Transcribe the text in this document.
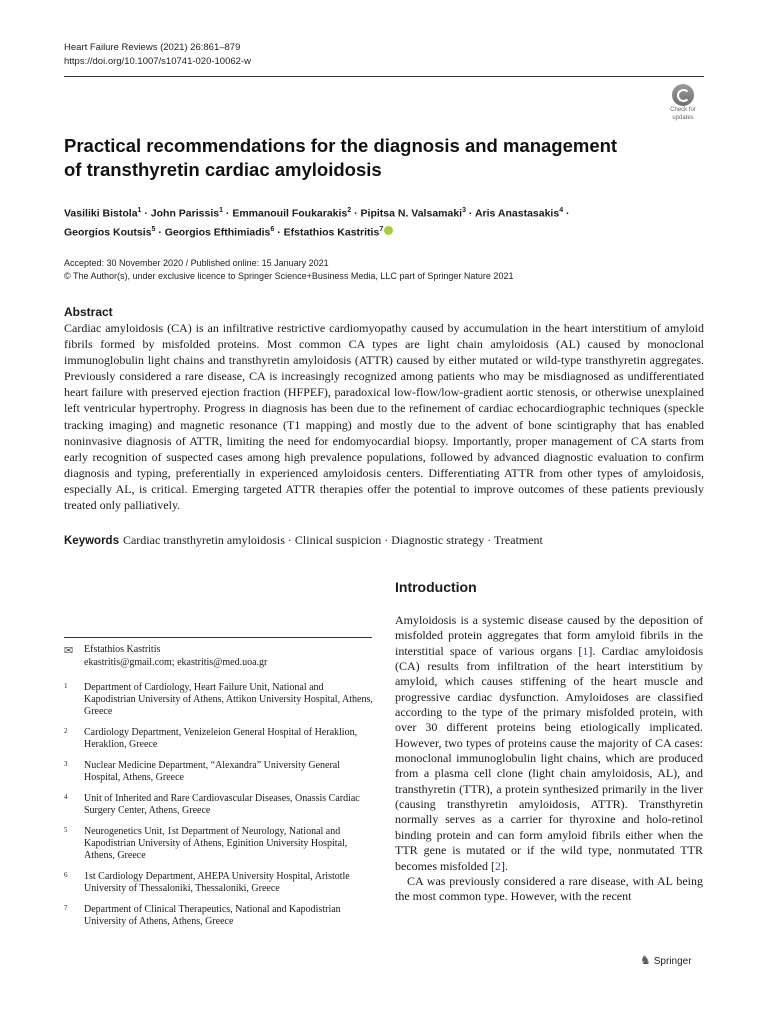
Heart Failure Reviews (2021) 26:861–879
https://doi.org/10.1007/s10741-020-10062-w
Check for
updates
Practical recommendations for the diagnosis and management of transthyretin cardiac amyloidosis
Vasiliki Bistola$^1$ · John Parissis$^1$ · Emmanouil Foukarakis$^2$ · Pipitsa N. Valsamaki$^3$ · Aris Anastasakis$^4$ ·
Georgios Koutsis$^5$ · Georgios Efthimiadis$^6$ · Efstathios Kastritis$^7$
Accepted: 30 November 2020 / Published online: 15 January 2021
© The Author(s), under exclusive licence to Springer Science+Business Media, LLC part of Springer Nature 2021
Abstract
Cardiac amyloidosis (CA) is an infiltrative restrictive cardiomyopathy caused by accumulation in the heart interstitium of amyloid fibrils formed by misfolded proteins. Most common CA types are light chain amyloidosis (AL) caused by monoclonal immunoglobulin light chains and transthyretin amyloidosis (ATTR) caused by either mutated or wild-type transthyretin aggregates. Previously considered a rare disease, CA is increasingly recognized among patients who may be misdiagnosed as undifferentiated heart failure with preserved ejection fraction (HFPEF), paradoxical low-flow/low-gradient aortic stenosis, or otherwise unexplained left ventricular hypertrophy. Progress in diagnosis has been due to the refinement of cardiac echocardiographic techniques (speckle tracking imaging) and magnetic resonance (T1 mapping) and mostly due to the advent of bone scintigraphy that has enabled noninvasive diagnosis of ATTR, limiting the need for endomyocardial biopsy. Importantly, proper management of CA starts from early recognition of suspected cases among high prevalence populations, followed by advanced diagnostic evaluation to confirm diagnosis and typing, preferentially in experienced amyloidosis centers. Differentiating ATTR from other types of amyloidosis, especially AL, is critical. Emerging targeted ATTR therapies offer the potential to improve outcomes of these patients previously treated only palliatively.
Keywords Cardiac transthyretin amyloidosis · Clinical suspicion · Diagnostic strategy · Treatment
Introduction

Amyloidosis is a systemic disease caused by the deposition of misfolded protein aggregates that form amyloid fibrils in the interstitial space of various organs [1]. Cardiac amyloidosis (CA) results from infiltration of the heart interstitium by amyloid, which causes stiffening of the heart muscle and progressive cardiac dysfunction. Amyloidoses are classified according to the type of the primary misfolded protein, with over 30 different proteins being etiologically implicated. However, two types of proteins cause the majority of CA cases: monoclonal immunoglobulin light chains, which are produced from a plasma cell clone (light chain amyloidosis, AL), and transthyretin (TTR), a protein synthesized primarily in the liver (causing transthyretin amyloidosis, ATTR). Transthyretin normally serves as a carrier for thyroxine and holo-retinol binding protein and can form amyloid fibrils either when the TTR gene is mutated or if the wild type, nonmutated TTR becomes misfolded [2].

CA was previously considered a rare disease, with AL being the most common type. However, with the recent

✉ Efstathios Kastritis
ekastritis@gmail.com; ekastritis@med.uoa.gr
1 Department of Cardiology, Heart Failure Unit, National and Kapodistrian University of Athens, Attikon University Hospital, Athens, Greece
2 Cardiology Department, Venizeleion General Hospital of Heraklion, Heraklion, Greece
3 Nuclear Medicine Department, “Alexandra” University General Hospital, Athens, Greece
4 Unit of Inherited and Rare Cardiovascular Diseases, Onassis Cardiac Surgery Center, Athens, Greece
5 Neurogenetics Unit, 1st Department of Neurology, National and Kapodistrian University of Athens, Eginition University Hospital, Athens, Greece
6 1st Cardiology Department, AHEPA University Hospital, Aristotle University of Thessaloniki, Thessaloniki, Greece
7 Department of Clinical Therapeutics, National and Kapodistrian University of Athens, Athens, Greece
♞ Springer
